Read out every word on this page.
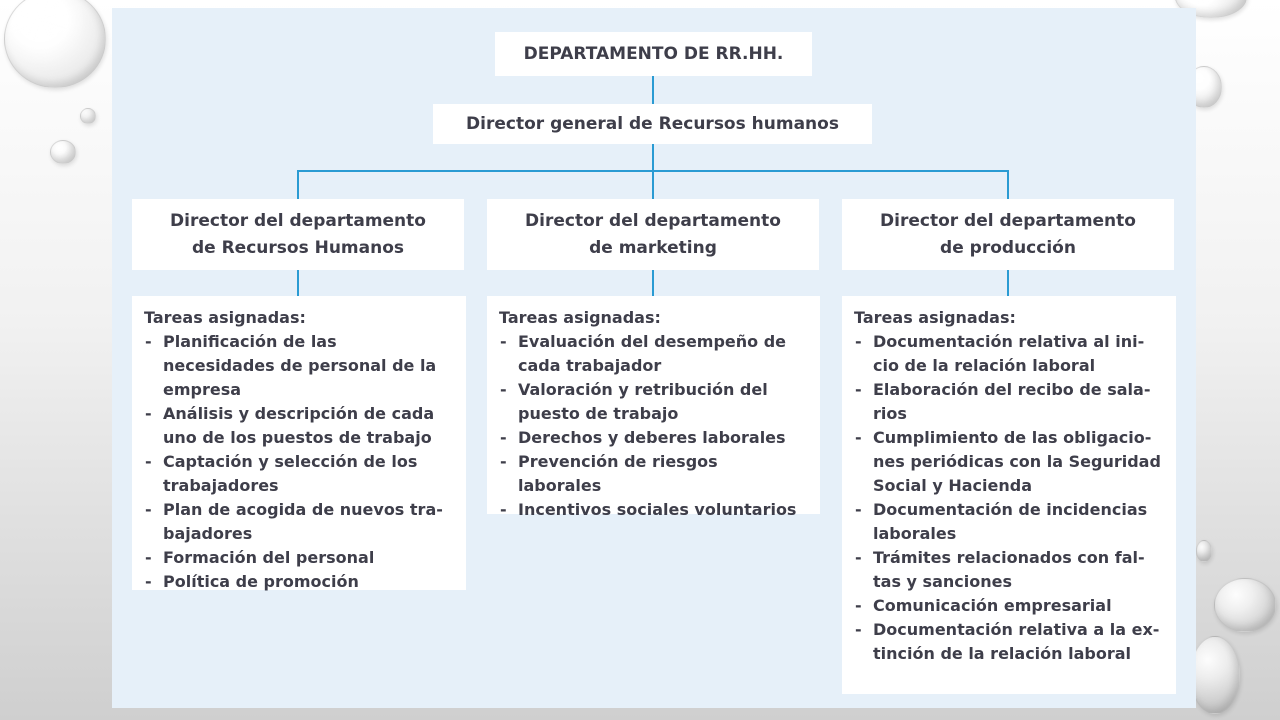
DEPARTAMENTO DE RR.HH.
Director general de Recursos humanos
Director del departamento
de Recursos Humanos
Director del departamento
de marketing
Director del departamento
de producción
Tareas asignadas:
- Planificación de las necesidades de personal de la empresa
- Análisis y descripción de cada uno de los puestos de trabajo
- Captación y selección de los trabajadores
- Plan de acogida de nuevos tra-bajadores
- Formación del personal
- Política de promoción
Tareas asignadas:
- Evaluación del desempeño de cada trabajador
- Valoración y retribución del puesto de trabajo
- Derechos y deberes laborales
- Prevención de riesgos laborales
- Incentivos sociales voluntarios
Tareas asignadas:
- Documentación relativa al ini-cio de la relación laboral
- Elaboración del recibo de sala-rios
- Cumplimiento de las obligacio-nes periódicas con la Seguridad Social y Hacienda
- Documentación de incidencias laborales
- Trámites relacionados con fal-tas y sanciones
- Comunicación empresarial
- Documentación relativa a la ex-tinción de la relación laboral
